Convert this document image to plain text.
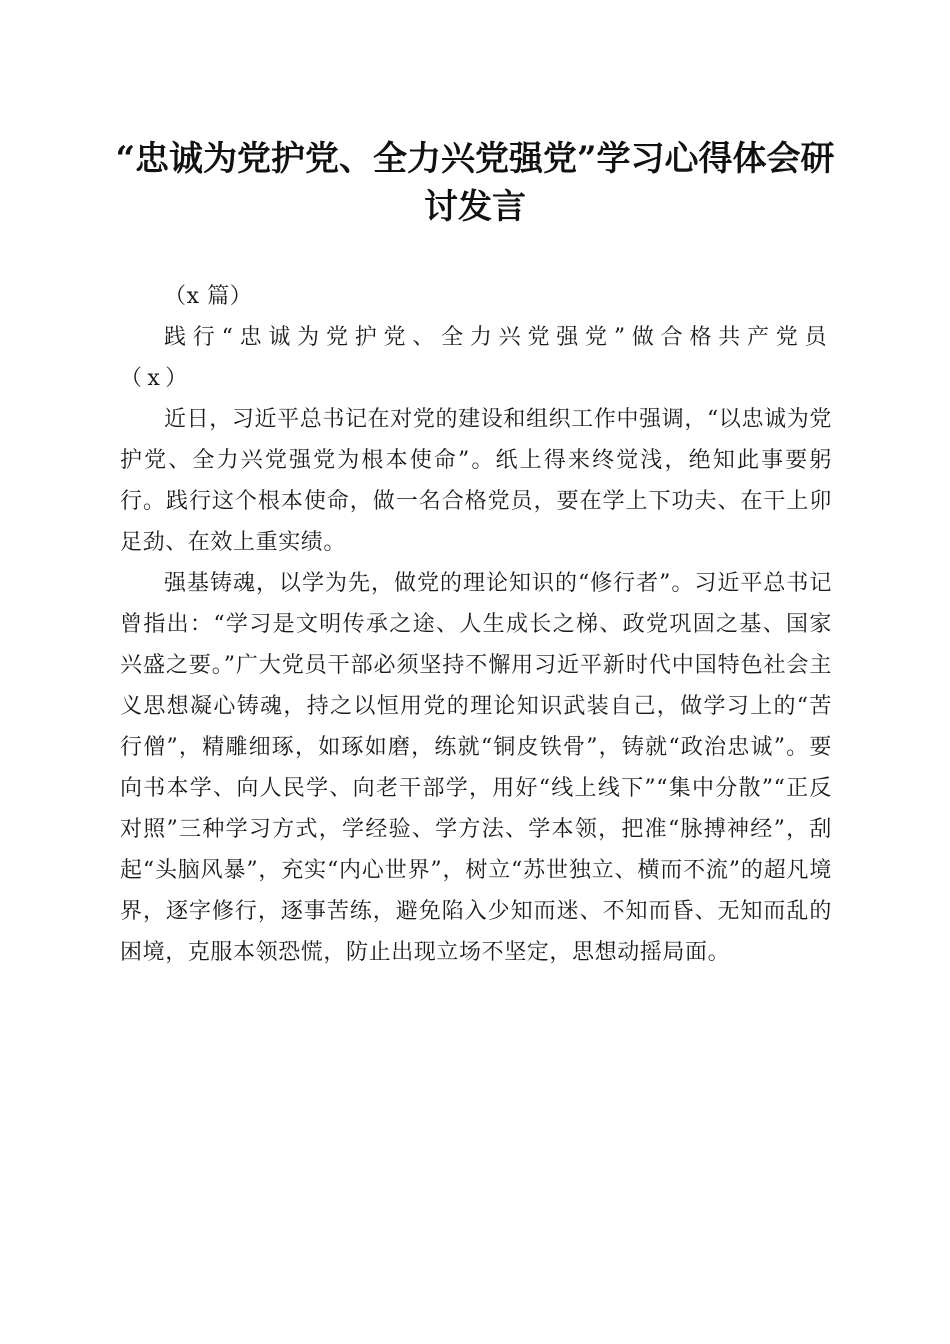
“忠诚为党护党、全力兴党强党”学习心得体会研讨发言

（x 篇）

践行“忠诚为党护党、全力兴党强党”做合格共产党员（x）

近日，习近平总书记在对党的建设和组织工作中强调，“以忠诚为党护党、全力兴党强党为根本使命”。纸上得来终觉浅，绝知此事要躬行。践行这个根本使命，做一名合格党员，要在学上下功夫、在干上卯足劲、在效上重实绩。

强基铸魂，以学为先，做党的理论知识的“修行者”。习近平总书记曾指出：“学习是文明传承之途、人生成长之梯、政党巩固之基、国家兴盛之要。”广大党员干部必须坚持不懈用习近平新时代中国特色社会主义思想凝心铸魂，持之以恒用党的理论知识武装自己，做学习上的“苦行僧”，精雕细琢，如琢如磨，练就“铜皮铁骨”，铸就“政治忠诚”。要向书本学、向人民学、向老干部学，用好“线上线下”“集中分散”“正反对照”三种学习方式，学经验、学方法、学本领，把准“脉搏神经”，刮起“头脑风暴”，充实“内心世界”，树立“苏世独立、横而不流”的超凡境界，逐字修行，逐事苦练，避免陷入少知而迷、不知而昏、无知而乱的困境，克服本领恐慌，防止出现立场不坚定，思想动摇局面。
